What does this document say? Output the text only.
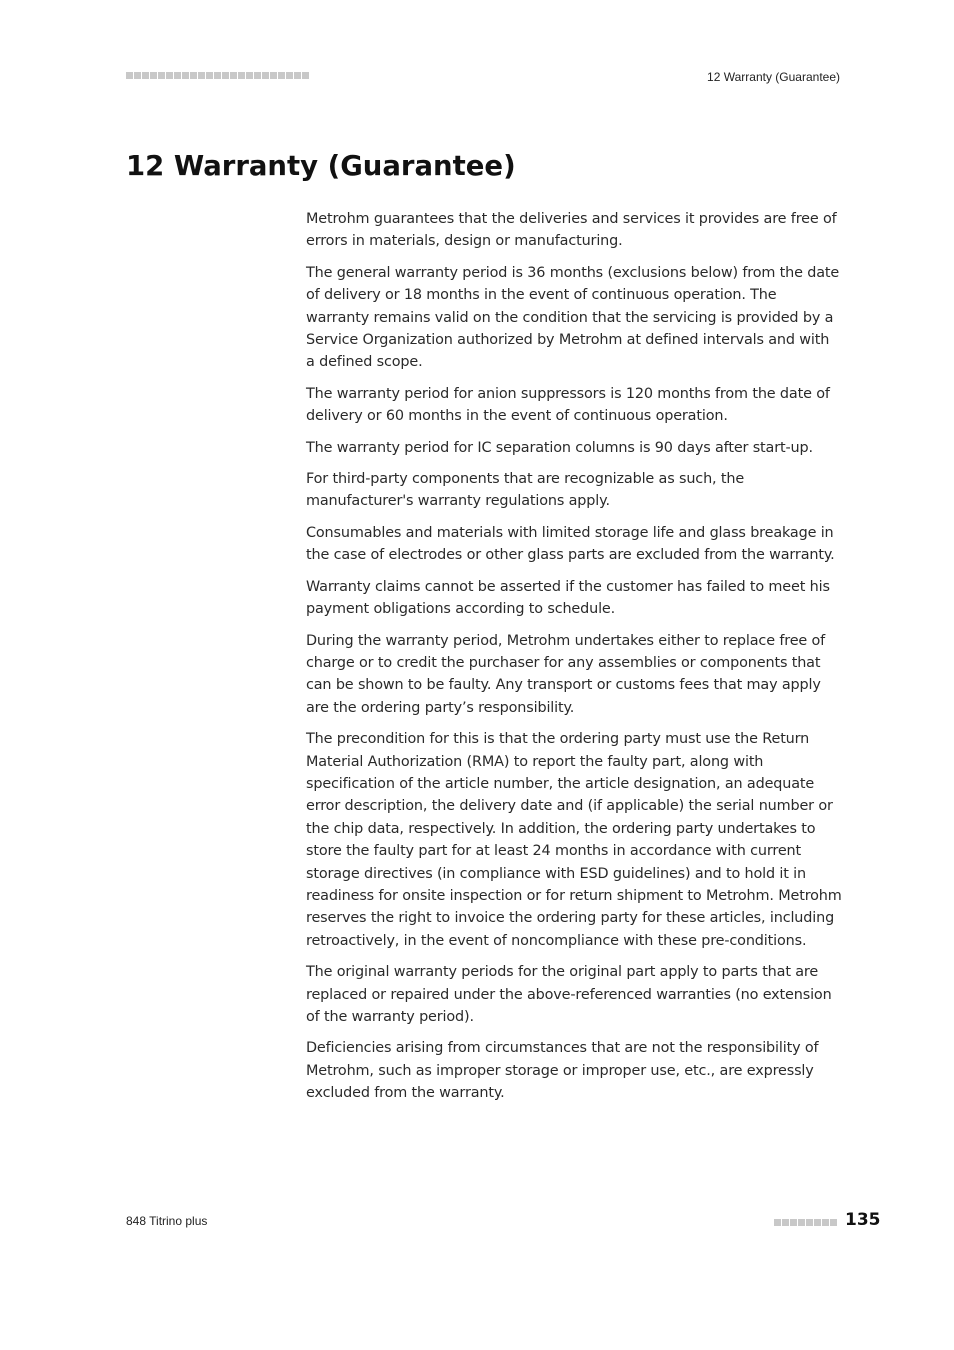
12 Warranty (Guarantee)
12 Warranty (Guarantee)

Metrohm guarantees that the deliveries and services it provides are free of errors in materials, design or manufacturing.

The general warranty period is 36 months (exclusions below) from the date of delivery or 18 months in the event of continuous operation. The warranty remains valid on the condition that the servicing is provided by a Service Organization authorized by Metrohm at defined intervals and with a defined scope.

The warranty period for anion suppressors is 120 months from the date of delivery or 60 months in the event of continuous operation.

The warranty period for IC separation columns is 90 days after start-up.

For third-party components that are recognizable as such, the manufacturer's warranty regulations apply.

Consumables and materials with limited storage life and glass breakage in the case of electrodes or other glass parts are excluded from the warranty.

Warranty claims cannot be asserted if the customer has failed to meet his payment obligations according to schedule.

During the warranty period, Metrohm undertakes either to replace free of charge or to credit the purchaser for any assemblies or components that can be shown to be faulty. Any transport or customs fees that may apply are the ordering party’s responsibility.

The precondition for this is that the ordering party must use the Return Material Authorization (RMA) to report the faulty part, along with specification of the article number, the article designation, an adequate error description, the delivery date and (if applicable) the serial number or the chip data, respectively. In addition, the ordering party undertakes to store the faulty part for at least 24 months in accordance with current storage directives (in compliance with ESD guidelines) and to hold it in readiness for onsite inspection or for return shipment to Metrohm. Metrohm reserves the right to invoice the ordering party for these articles, including retroactively, in the event of noncompliance with these pre-conditions.

The original warranty periods for the original part apply to parts that are replaced or repaired under the above-referenced warranties (no extension of the warranty period).

Deficiencies arising from circumstances that are not the responsibility of Metrohm, such as improper storage or improper use, etc., are expressly excluded from the warranty.

848 Titrino plus	135
